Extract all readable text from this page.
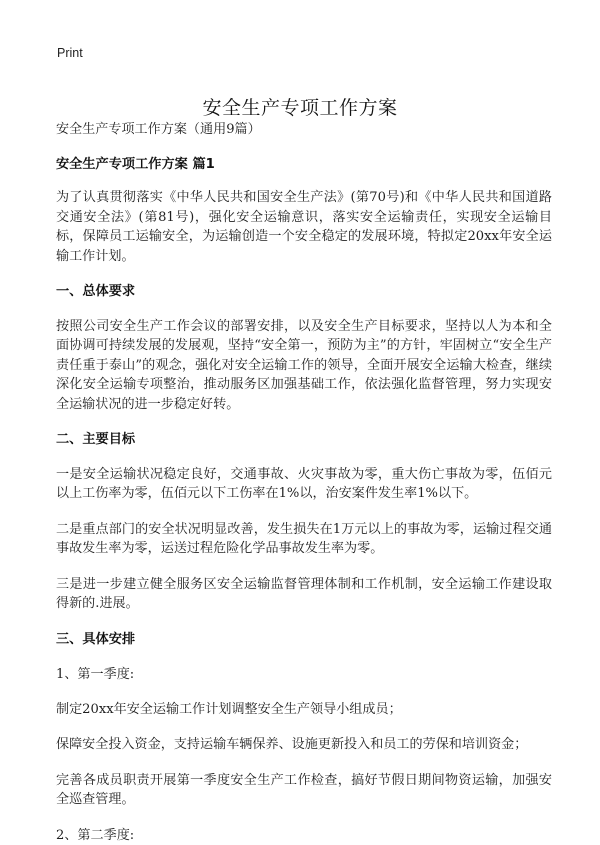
Print
安全生产专项工作方案

安全生产专项工作方案（通用9篇）

安全生产专项工作方案 篇1

为了认真贯彻落实《中华人民共和国安全生产法》(第70号)和《中华人民共和国道路交通安全法》(第81号)，强化安全运输意识，落实安全运输责任，实现安全运输目标，保障员工运输安全，为运输创造一个安全稳定的发展环境，特拟定20xx年安全运输工作计划。

一、总体要求

按照公司安全生产工作会议的部署安排，以及安全生产目标要求，坚持以人为本和全面协调可持续发展的发展观，坚持“安全第一，预防为主”的方针，牢固树立“安全生产责任重于泰山”的观念，强化对安全运输工作的领导，全面开展安全运输大检查，继续深化安全运输专项整治，推动服务区加强基础工作，依法强化监督管理，努力实现安全运输状况的进一步稳定好转。

二、主要目标

一是安全运输状况稳定良好，交通事故、火灾事故为零，重大伤亡事故为零，伍佰元以上工伤率为零，伍佰元以下工伤率在1%以，治安案件发生率1%以下。

二是重点部门的安全状况明显改善，发生损失在1万元以上的事故为零，运输过程交通事故发生率为零，运送过程危险化学品事故发生率为零。

三是进一步建立健全服务区安全运输监督管理体制和工作机制，安全运输工作建设取得新的.进展。

三、具体安排

1、第一季度:

制定20xx年安全运输工作计划调整安全生产领导小组成员；

保障安全投入资金，支持运输车辆保养、设施更新投入和员工的劳保和培训资金；

完善各成员职责开展第一季度安全生产工作检查，搞好节假日期间物资运输，加强安全巡查管理。

2、第二季度:
